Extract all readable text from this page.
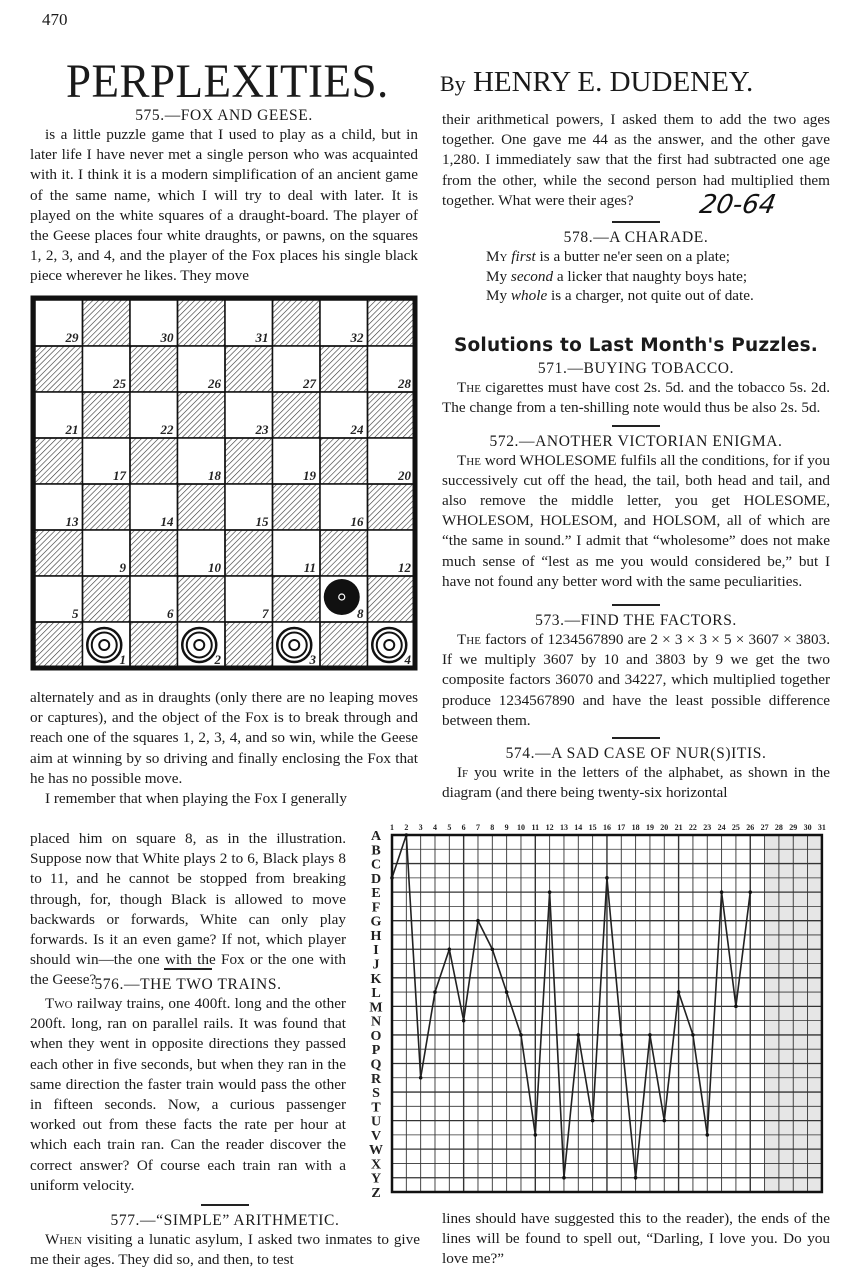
470
PERPLEXITIES. By HENRY E. DUDENEY.
575.—FOX AND GEESE.

is a little puzzle game that I used to play as a child, but in later life I have never met a single person who was acquainted with it. I think it is a modern simplification of an ancient game of the same name, which I will try to deal with later. It is played on the white squares of a draught-board. The player of the Geese places four white draughts, or pawns, on the squares 1, 2, 3, and 4, and the player of the Fox places his single black piece wherever he likes. They move

29	30	31	32
25	26	27	28
21	22	23	24
17	18	19	20
13	14	15	16
9	10	11	12
5	6	7	8
1	2	3	4

alternately and as in draughts (only there are no leaping moves or captures), and the object of the Fox is to break through and reach one of the squares 1, 2, 3, 4, and so win, while the Geese aim at winning by so driving and finally enclosing the Fox that he has no possible move.

I remember that when playing the Fox I generally

placed him on square 8, as in the illustration. Suppose now that White plays 2 to 6, Black plays 8 to 11, and he cannot be stopped from breaking through, for, though Black is allowed to move backwards or forwards, White can only play forwards. Is it an even game? If not, which player should win—the one with the Fox or the one with the Geese?

576.—THE TWO TRAINS.

Two railway trains, one 400ft. long and the other 200ft. long, ran on parallel rails. It was found that when they went in opposite directions they passed each other in five seconds, but when they ran in the same direction the faster train would pass the other in fifteen seconds. Now, a curious passenger worked out from these facts the rate per hour at which each train ran. Can the reader discover the correct answer? Of course each train ran with a uniform velocity.

577.—“SIMPLE” ARITHMETIC.

When visiting a lunatic asylum, I asked two inmates to give me their ages. They did so, and then, to test

their arithmetical powers, I asked them to add the two ages together. One gave me 44 as the answer, and the other gave 1,280. I immediately saw that the first had subtracted one age from the other, while the second person had multiplied them together. What were their ages?

578.—A CHARADE.
My first is a butter ne'er seen on a plate;
My second a licker that naughty boys hate;
My whole is a charger, not quite out of date.
20-64
Solutions to Last Month's Puzzles.
571.—BUYING TOBACCO.

The cigarettes must have cost 2s. 5d. and the tobacco 5s. 2d. The change from a ten-shilling note would thus be also 2s. 5d.

572.—ANOTHER VICTORIAN ENIGMA.

The word WHOLESOME fulfils all the conditions, for if you successively cut off the head, the tail, both head and tail, and also remove the middle letter, you get HOLESOME, WHOLESOM, HOLESOM, and HOLSOM, all of which are “the same in sound.” I admit that “wholesome” does not make much sense of “lest as me you would considered be,” but I have not found any better word with the same peculiarities.

573.—FIND THE FACTORS.

The factors of 1234567890 are 2 × 3 × 3 × 5 × 3607 × 3803. If we multiply 3607 by 10 and 3803 by 9 we get the two composite factors 36070 and 34227, which multiplied together produce 1234567890 and have the least possible difference between them.

574.—A SAD CASE OF NUR(S)ITIS.

If you write in the letters of the alphabet, as shown in the diagram (and there being twenty-six horizontal

1 2 3 4 5 6 7 8 9 10 11 12 13 14 15 16 17 18 19 20 21 22 23 24 25 26 27 28 29 30 31
A
B
C
D
E
F
G
H
I
J
K
L
M
N
O
P
Q
R
S
T
U
V
W
X
Y
Z

lines should have suggested this to the reader), the ends of the lines will be found to spell out, “Darling, I love you. Do you love me?”
